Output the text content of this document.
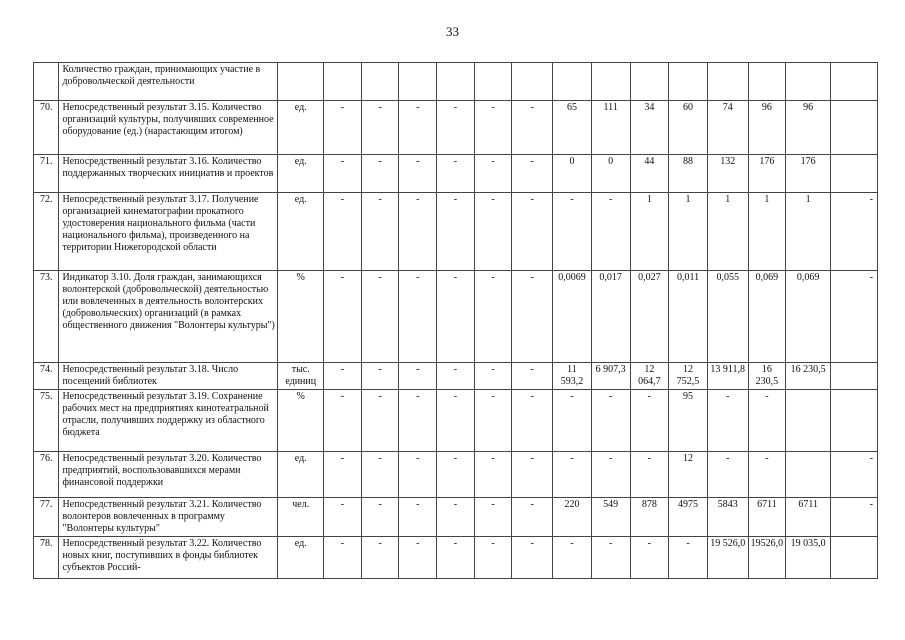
33
	Количество граждан, принимающих участие в добровольческой деятельности															
70.	Непосредственный результат 3.15. Количество организаций культуры, получивших современное оборудование (ед.) (нарастающим итогом)	ед.	-	-	-	-	-	-	65	111	34	60	74	96	96	
71.	Непосредственный результат 3.16. Количество поддержанных творческих инициатив и проектов	ед.	-	-	-	-	-	-	0	0	44	88	132	176	176	
72.	Непосредственный результат 3.17. Получение организацией кинематографии прокатного удостоверения национального фильма (части национального фильма), произведенного на территории Нижегородской области	ед.	-	-	-	-	-	-	-	-	1	1	1	1	1	-
73.	Индикатор 3.10. Доля граждан, занимающихся волонтерской (добровольческой) деятельностью или вовлеченных в деятельность волонтерских (добровольческих) организаций (в рамках общественного движения "Волонтеры культуры")	%	-	-	-	-	-	-	0,0069	0,017	0,027	0,011	0,055	0,069	0,069	-
74.	Непосредственный результат 3.18. Число посещений библиотек	тыс. единиц	-	-	-	-	-	-	11 593,2	6 907,3	12 064,7	12 752,5	13 911,8	16 230,5	16 230,5	
75.	Непосредственный результат 3.19. Сохранение рабочих мест на предприятиях кинотеатральной отрасли, получивших поддержку из областного бюджета	%	-	-	-	-	-	-	-	-	-	95	-	-		
76.	Непосредственный результат 3.20. Количество предприятий, воспользовавшихся мерами финансовой поддержки	ед.	-	-	-	-	-	-	-	-	-	12	-	-		-
77.	Непосредственный результат 3.21. Количество волонтеров вовлеченных в программу "Волонтеры культуры"	чел.	-	-	-	-	-	-	220	549	878	4975	5843	6711	6711	-
78.	Непосредственный результат 3.22. Количество новых книг, поступивших в фонды библиотек субъектов Россий-	ед.	-	-	-	-	-	-	-	-	-	-	19 526,0	19526,0	19 035,0	
